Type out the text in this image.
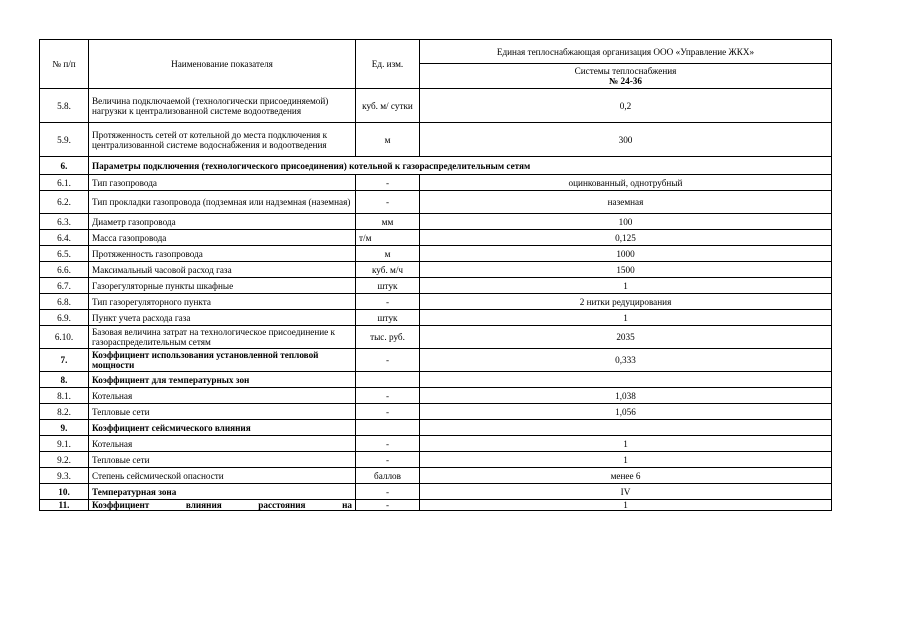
№ п/п	Наименование показателя	Ед. изм.	Единая теплоснабжающая организация ООО «Управление ЖКХ»

			Системы теплоснабжения
№ 24-36

5.8.	Величина подключаемой (технологически присоединяемой) нагрузки к централизованной системе водоотведения	куб. м/ сутки	0,2
5.9.	Протяженность сетей от котельной до места подключения к централизованной системе водоснабжения и водоотведения	м	300
6.	Параметры подключения (технологического присоединения) котельной к газораспределительным сетям		
6.1.	Тип газопровода	-	оцинкованный, однотрубный
6.2.	Тип прокладки газопровода (подземная или надземная (наземная)	-	наземная
6.3.	Диаметр газопровода	мм	100
6.4.	Масса газопровода	т/м	0,125
6.5.	Протяженность газопровода	м	1000
6.6.	Максимальный часовой расход газа	куб. м/ч	1500
6.7.	Газорегуляторные пункты шкафные	штук	1
6.8.	Тип газорегуляторного пункта	-	2 нитки редуцирования
6.9.	Пункт учета расхода газа	штук	1
6.10.	Базовая величина затрат на технологическое присоединение к газораспределительным сетям	тыс. руб.	2035
7.	Коэффициент использования установленной тепловой мощности	-	0,333
8.	Коэффициент для температурных зон		
8.1.	Котельная	-	1,038
8.2.	Тепловые сети	-	1,056
9.	Коэффициент сейсмического влияния		
9.1.	Котельная	-	1
9.2.	Тепловые сети	-	1
9.3.	Степень сейсмической опасности	баллов	менее 6
10.	Температурная зона	-	IV
11.	Коэффициент влияния расстояния на	-	1
